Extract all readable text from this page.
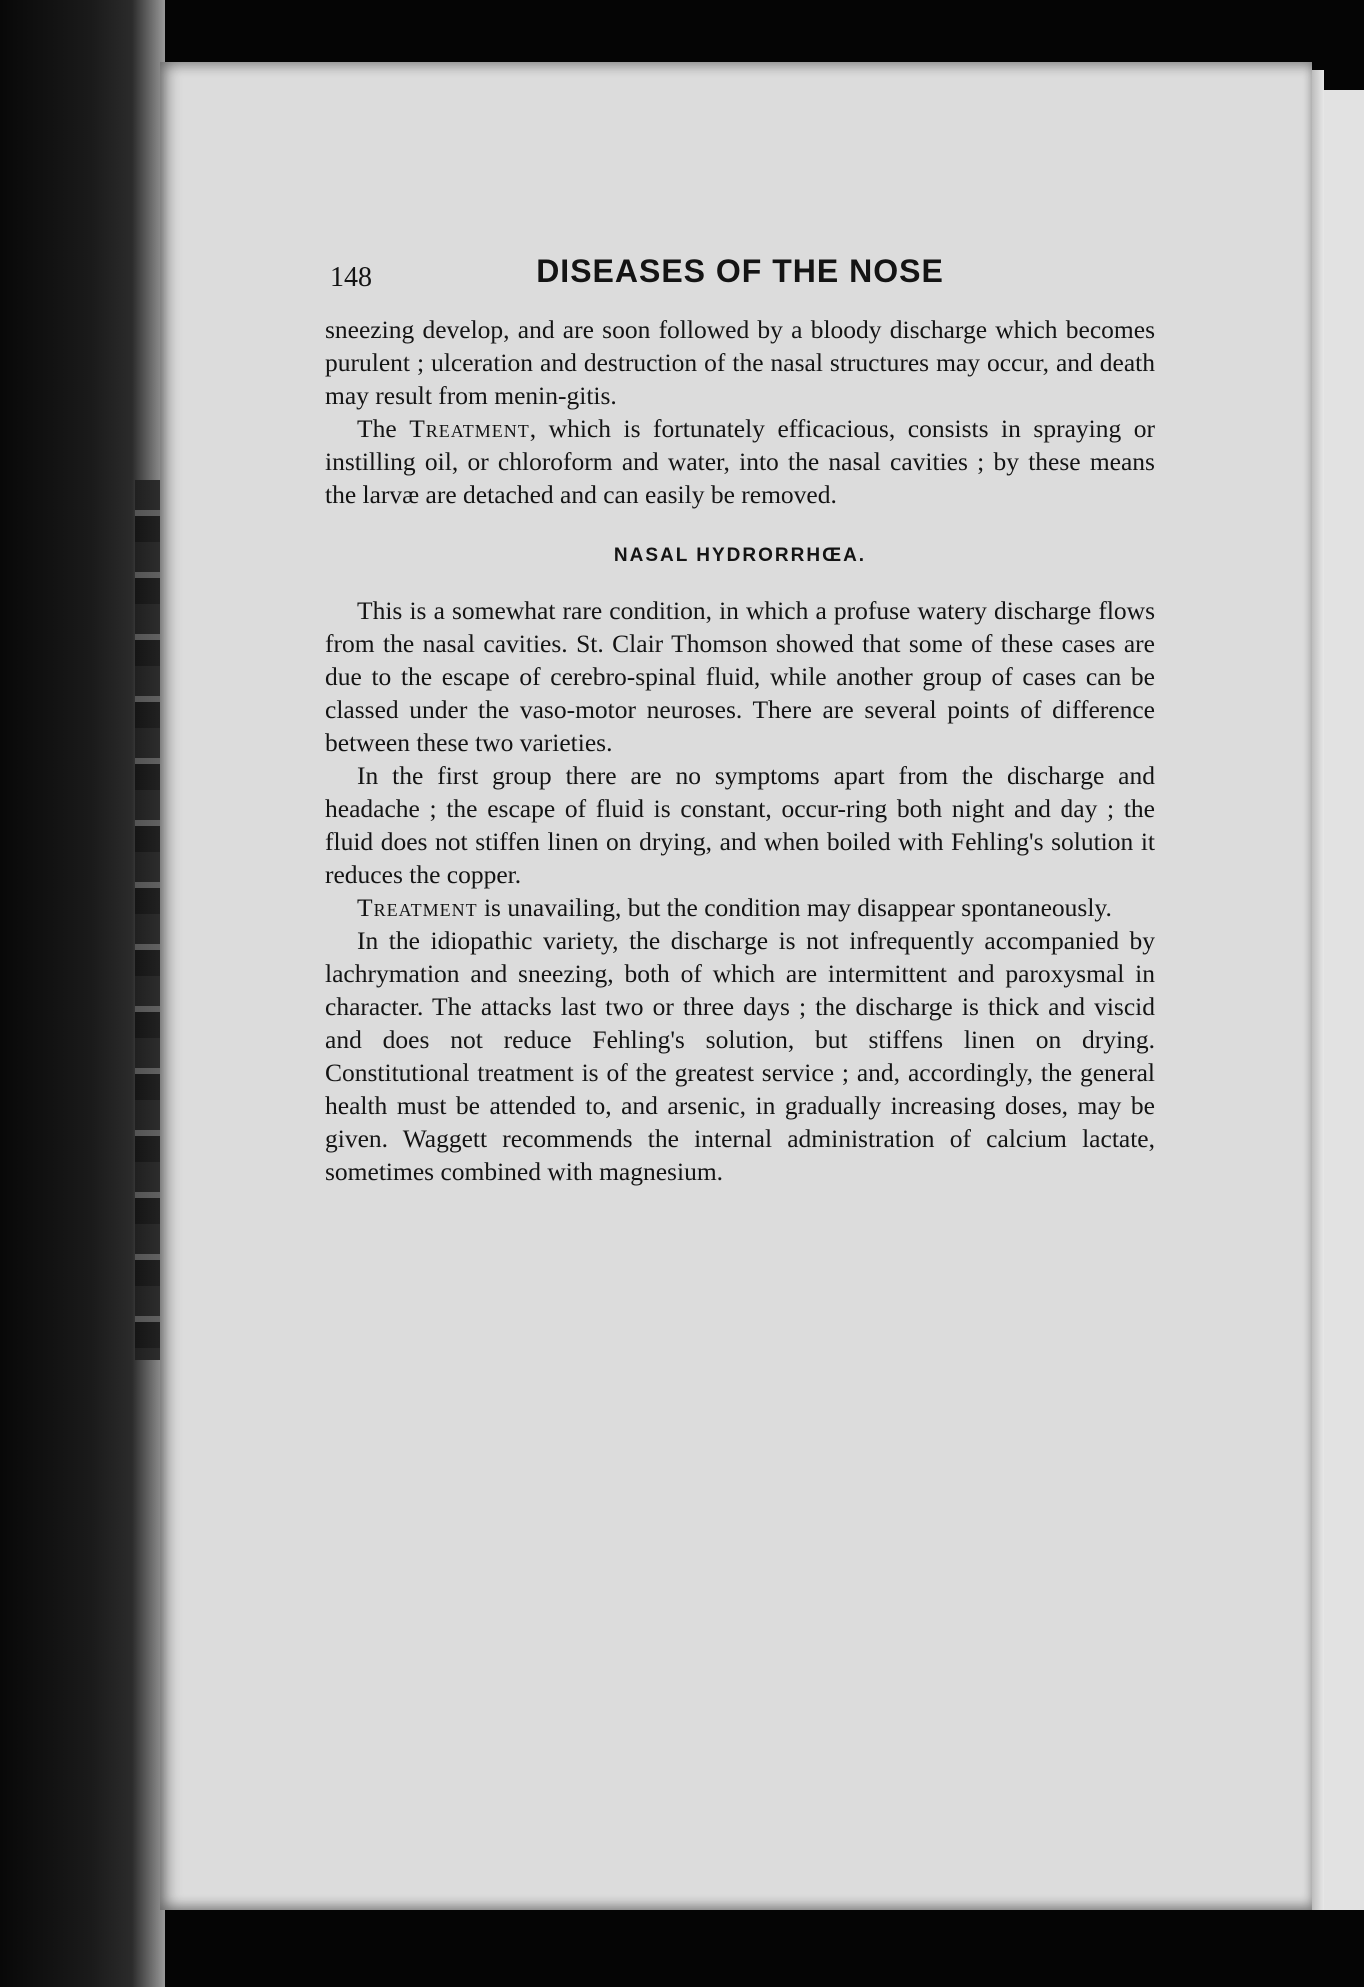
148	DISEASES OF THE NOSE

sneezing develop, and are soon followed by a bloody discharge which becomes purulent ; ulceration and destruction of the nasal structures may occur, and death may result from menin-gitis.

The Treatment, which is fortunately efficacious, consists in spraying or instilling oil, or chloroform and water, into the nasal cavities ; by these means the larvæ are detached and can easily be removed.

NASAL HYDRORRHŒA.

This is a somewhat rare condition, in which a profuse watery discharge flows from the nasal cavities. St. Clair Thomson showed that some of these cases are due to the escape of cerebro-spinal fluid, while another group of cases can be classed under the vaso-motor neuroses. There are several points of difference between these two varieties.

In the first group there are no symptoms apart from the discharge and headache ; the escape of fluid is constant, occur-ring both night and day ; the fluid does not stiffen linen on drying, and when boiled with Fehling's solution it reduces the copper.

Treatment is unavailing, but the condition may disappear spontaneously.

In the idiopathic variety, the discharge is not infrequently accompanied by lachrymation and sneezing, both of which are intermittent and paroxysmal in character. The attacks last two or three days ; the discharge is thick and viscid and does not reduce Fehling's solution, but stiffens linen on drying. Constitutional treatment is of the greatest service ; and, accordingly, the general health must be attended to, and arsenic, in gradually increasing doses, may be given. Waggett recommends the internal administration of calcium lactate, sometimes combined with magnesium.
